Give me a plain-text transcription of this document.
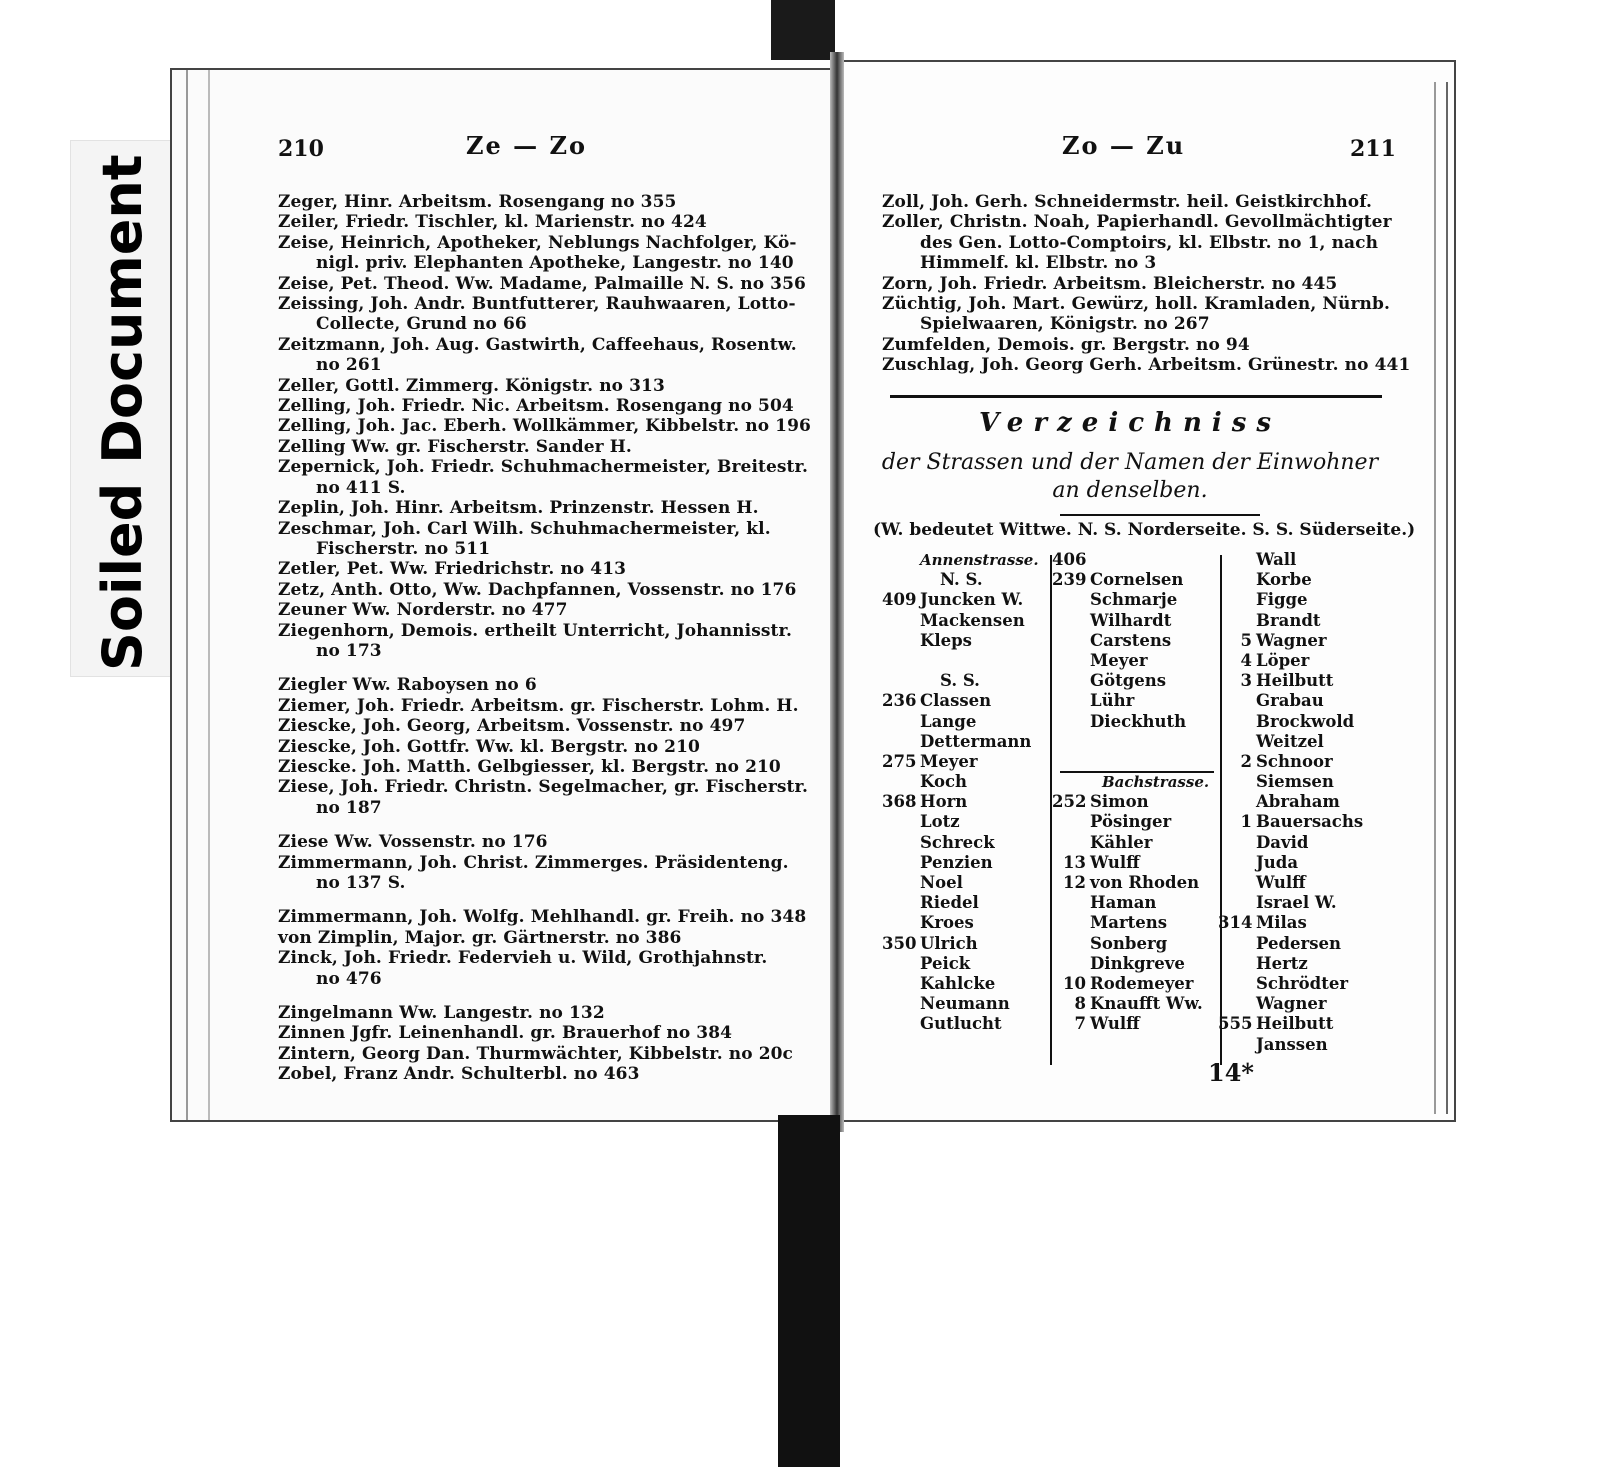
Soiled Document
210	Ze — Zo
Zeger, Hinr. Arbeitsm. Rosengang no 355
Zeiler, Friedr. Tischler, kl. Marienstr. no 424
Zeise, Heinrich, Apotheker, Neblungs Nachfolger, Kö-
nigl. priv. Elephanten Apotheke, Langestr. no 140
Zeise, Pet. Theod. Ww. Madame, Palmaille N. S. no 356
Zeissing, Joh. Andr. Buntfutterer, Rauhwaaren, Lotto-
Collecte, Grund no 66
Zeitzmann, Joh. Aug. Gastwirth, Caffeehaus, Rosentw.
no 261
Zeller, Gottl. Zimmerg. Königstr. no 313
Zelling, Joh. Friedr. Nic. Arbeitsm. Rosengang no 504
Zelling, Joh. Jac. Eberh. Wollkämmer, Kibbelstr. no 196
Zelling Ww. gr. Fischerstr. Sander H.
Zepernick, Joh. Friedr. Schuhmachermeister, Breitestr.
no 411 S.
Zeplin, Joh. Hinr. Arbeitsm. Prinzenstr. Hessen H.
Zeschmar, Joh. Carl Wilh. Schuhmachermeister, kl.
Fischerstr. no 511
Zetler, Pet. Ww. Friedrichstr. no 413
Zetz, Anth. Otto, Ww. Dachpfannen, Vossenstr. no 176
Zeuner Ww. Norderstr. no 477
Ziegenhorn, Demois. ertheilt Unterricht, Johannisstr.
no 173
Ziegler Ww. Raboysen no 6
Ziemer, Joh. Friedr. Arbeitsm. gr. Fischerstr. Lohm. H.
Ziescke, Joh. Georg, Arbeitsm. Vossenstr. no 497
Ziescke, Joh. Gottfr. Ww. kl. Bergstr. no 210
Ziescke. Joh. Matth. Gelbgiesser, kl. Bergstr. no 210
Ziese, Joh. Friedr. Christn. Segelmacher, gr. Fischerstr.
no 187
Ziese Ww. Vossenstr. no 176
Zimmermann, Joh. Christ. Zimmerges. Präsidenteng.
no 137 S.
Zimmermann, Joh. Wolfg. Mehlhandl. gr. Freih. no 348
von Zimplin, Major. gr. Gärtnerstr. no 386
Zinck, Joh. Friedr. Federvieh u. Wild, Grothjahnstr.
no 476
Zingelmann Ww. Langestr. no 132
Zinnen Jgfr. Leinenhandl. gr. Brauerhof no 384
Zintern, Georg Dan. Thurmwächter, Kibbelstr. no 20c
Zobel, Franz Andr. Schulterbl. no 463
Zo — Zu	211
Zoll, Joh. Gerh. Schneidermstr. heil. Geistkirchhof.
Zoller, Christn. Noah, Papierhandl. Gevollmächtigter
des Gen. Lotto-Comptoirs, kl. Elbstr. no 1, nach
Himmelf. kl. Elbstr. no 3
Zorn, Joh. Friedr. Arbeitsm. Bleicherstr. no 445
Züchtig, Joh. Mart. Gewürz, holl. Kramladen, Nürnb.
Spielwaaren, Königstr. no 267
Zumfelden, Demois. gr. Bergstr. no 94
Zuschlag, Joh. Georg Gerh. Arbeitsm. Grünestr. no 441
Verzeichniss
der Strassen und der Namen der Einwohner
an denselben.
(W. bedeutet Wittwe. N. S. Norderseite. S. S. Süderseite.)
Annenstrasse.
N. S.
409 Juncken W.
Mackensen
Kleps
S. S.
236 Classen
Lange
Dettermann
275 Meyer
Koch
368 Horn
Lotz
Schreck
Penzien
Noel
Riedel
Kroes
350 Ulrich
Peick
Kahlcke
Neumann
Gutlucht
406
239 Cornelsen
Schmarje
Wilhardt
Carstens
Meyer
Götgens
Lühr
Dieckhuth
Bachstrasse.
252 Simon
Pösinger
Kähler
13 Wulff
12 von Rhoden
Haman
Martens
Sonberg
Dinkgreve
10 Rodemeyer
8 Knaufft Ww.
7 Wulff
Wall
Korbe
Figge
Brandt
5 Wagner
4 Löper
3 Heilbutt
Grabau
Brockwold
Weitzel
2 Schnoor
Siemsen
Abraham
1 Bauersachs
David
Juda
Wulff
Israel W.
314 Milas
Pedersen
Hertz
Schrödter
Wagner
555 Heilbutt
Janssen
14*
